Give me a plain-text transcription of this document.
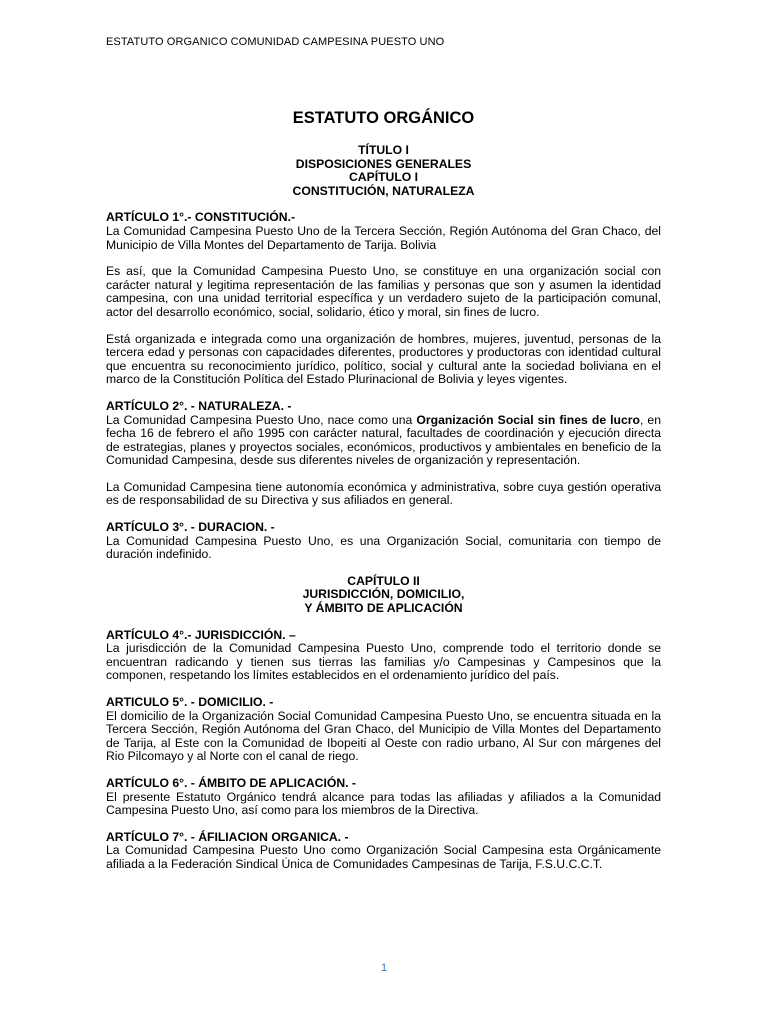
ESTATUTO ORGANICO COMUNIDAD CAMPESINA PUESTO UNO
ESTATUTO ORGÁNICO
TÍTULO I
DISPOSICIONES GENERALES
CAPÍTULO I
CONSTITUCIÓN, NATURALEZA
ARTÍCULO 1°.- CONSTITUCIÓN.-
La Comunidad Campesina Puesto Uno de la Tercera Sección, Región Autónoma del Gran Chaco, del Municipio de Villa Montes del Departamento de Tarija. Bolivia
Es así, que la Comunidad Campesina Puesto Uno, se constituye en una organización social con carácter natural y legitima representación de las familias y personas que son y asumen la identidad campesina, con una unidad territorial específica y un verdadero sujeto de la participación comunal, actor del desarrollo económico, social, solidario, ético y moral, sin fines de lucro.
Está organizada e integrada como una organización de hombres, mujeres, juventud, personas de la tercera edad y personas con capacidades diferentes, productores y productoras con identidad cultural que encuentra su reconocimiento jurídico, político, social y cultural ante la sociedad boliviana en el marco de la Constitución Política del Estado Plurinacional de Bolivia y leyes vigentes.
ARTÍCULO 2°. - NATURALEZA. -
La Comunidad Campesina Puesto Uno, nace como una Organización Social sin fines de lucro, en fecha 16 de febrero el año 1995 con carácter natural, facultades de coordinación y ejecución directa de estrategias, planes y proyectos sociales, económicos, productivos y ambientales en beneficio de la Comunidad Campesina, desde sus diferentes niveles de organización y representación.
La Comunidad Campesina tiene autonomía económica y administrativa, sobre cuya gestión operativa es de responsabilidad de su Directiva y sus afiliados en general.
ARTÍCULO 3°. - DURACION. -
La Comunidad Campesina Puesto Uno, es una Organización Social, comunitaria con tiempo de duración indefinido.
CAPÍTULO II
JURISDICCIÓN, DOMICILIO,
Y ÁMBITO DE APLICACIÓN
ARTÍCULO 4°.- JURISDICCIÓN. –
La jurisdicción de la Comunidad Campesina Puesto Uno, comprende todo el territorio donde se encuentran radicando y tienen sus tierras las familias y/o Campesinas y Campesinos que la componen, respetando los límites establecidos en el ordenamiento jurídico del país.
ARTICULO 5°. - DOMICILIO. -
El domicilio de la Organización Social Comunidad Campesina Puesto Uno, se encuentra situada en la Tercera Sección, Región Autónoma del Gran Chaco, del Municipio de Villa Montes del Departamento de Tarija, al Este con la Comunidad de Ibopeiti al Oeste con radio urbano, Al Sur con márgenes del Rio Pilcomayo y al Norte con el canal de riego.
ARTÍCULO 6°. - ÁMBITO DE APLICACIÓN. -
El presente Estatuto Orgánico tendrá alcance para todas las afiliadas y afiliados a la Comunidad Campesina Puesto Uno, así como para los miembros de la Directiva.
ARTÍCULO 7°. - ÁFILIACION ORGANICA. -
La Comunidad Campesina Puesto Uno como Organización Social Campesina esta Orgánicamente afiliada a la Federación Sindical Única de Comunidades Campesinas de Tarija, F.S.U.C.C.T.
1
